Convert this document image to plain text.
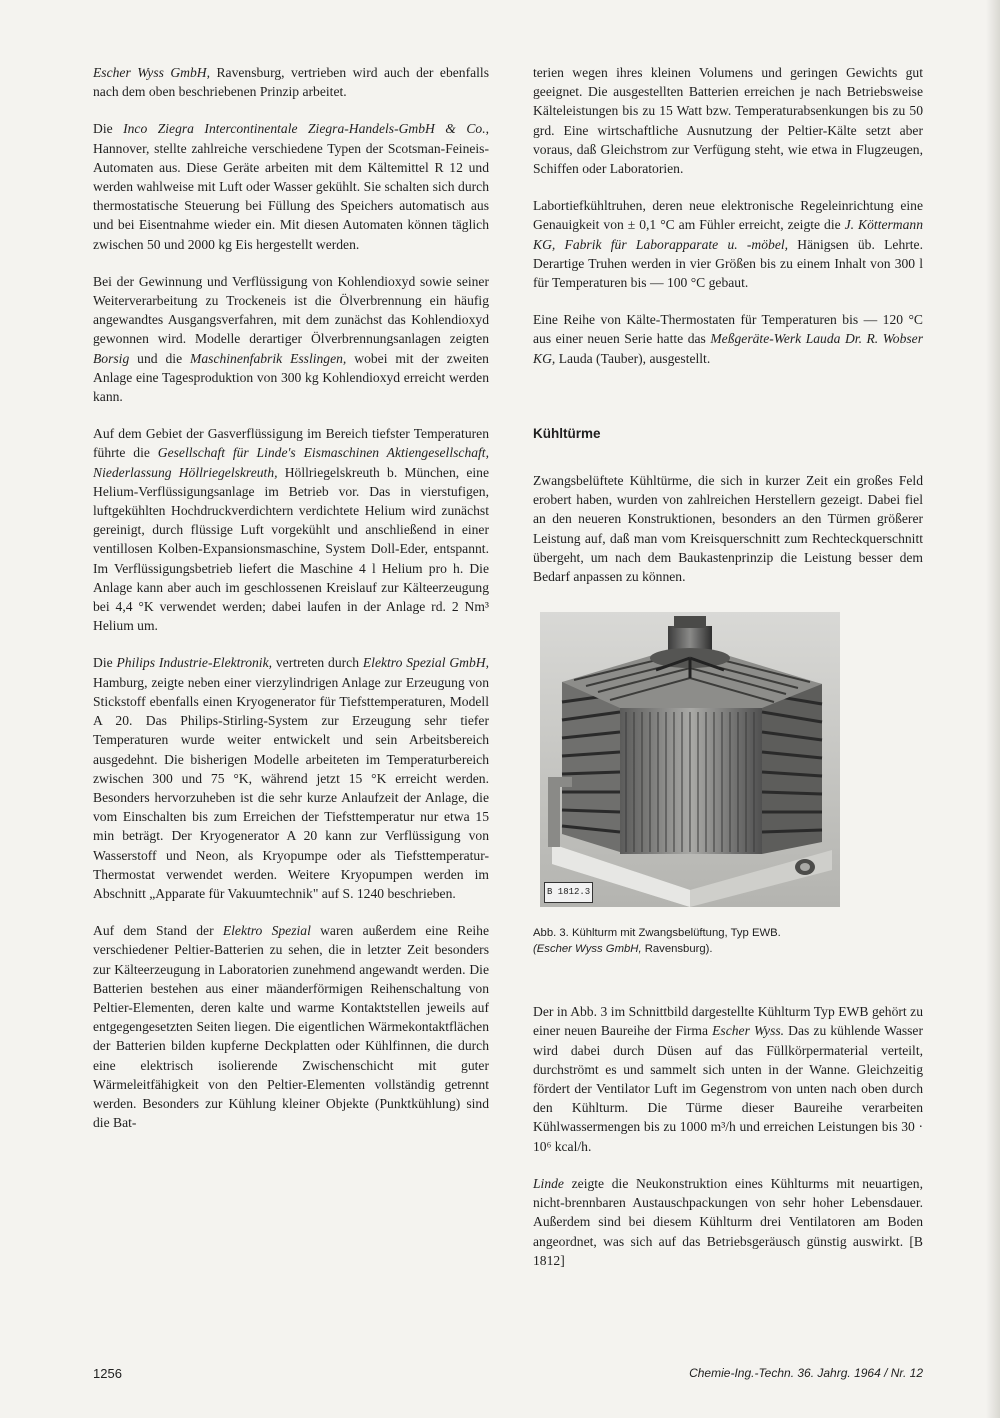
Escher Wyss GmbH, Ravensburg, vertrieben wird auch der ebenfalls nach dem oben beschriebenen Prinzip arbeitet.

Die Inco Ziegra Intercontinentale Ziegra-Handels-GmbH & Co., Hannover, stellte zahlreiche verschiedene Typen der Scotsman-Feineis-Automaten aus. Diese Geräte arbeiten mit dem Kältemittel R 12 und werden wahlweise mit Luft oder Wasser gekühlt. Sie schalten sich durch thermostatische Steuerung bei Füllung des Speichers automatisch aus und bei Eisentnahme wieder ein. Mit diesen Automaten können täglich zwischen 50 und 2000 kg Eis hergestellt werden.

Bei der Gewinnung und Verflüssigung von Kohlendioxyd sowie seiner Weiterverarbeitung zu Trockeneis ist die Ölverbrennung ein häufig angewandtes Ausgangsverfahren, mit dem zunächst das Kohlendioxyd gewonnen wird. Modelle derartiger Ölverbrennungsanlagen zeigten Borsig und die Maschinenfabrik Esslingen, wobei mit der zweiten Anlage eine Tagesproduktion von 300 kg Kohlendioxyd erreicht werden kann.

Auf dem Gebiet der Gasverflüssigung im Bereich tiefster Temperaturen führte die Gesellschaft für Linde's Eismaschinen Aktiengesellschaft, Niederlassung Höllriegelskreuth, Höllriegelskreuth b. München, eine Helium-Verflüssigungsanlage im Betrieb vor. Das in vierstufigen, luftgekühlten Hochdruckverdichtern verdichtete Helium wird zunächst gereinigt, durch flüssige Luft vorgekühlt und anschließend in einer ventillosen Kolben-Expansionsmaschine, System Doll-Eder, entspannt. Im Verflüssigungsbetrieb liefert die Maschine 4 l Helium pro h. Die Anlage kann aber auch im geschlossenen Kreislauf zur Kälteerzeugung bei 4,4 °K verwendet werden; dabei laufen in der Anlage rd. 2 Nm³ Helium um.

Die Philips Industrie-Elektronik, vertreten durch Elektro Spezial GmbH, Hamburg, zeigte neben einer vierzylindrigen Anlage zur Erzeugung von Stickstoff ebenfalls einen Kryogenerator für Tiefsttemperaturen, Modell A 20. Das Philips-Stirling-System zur Erzeugung sehr tiefer Temperaturen wurde weiter entwickelt und sein Arbeitsbereich ausgedehnt. Die bisherigen Modelle arbeiteten im Temperaturbereich zwischen 300 und 75 °K, während jetzt 15 °K erreicht werden. Besonders hervorzuheben ist die sehr kurze Anlaufzeit der Anlage, die vom Einschalten bis zum Erreichen der Tiefsttemperatur nur etwa 15 min beträgt. Der Kryogenerator A 20 kann zur Verflüssigung von Wasserstoff und Neon, als Kryopumpe oder als Tiefsttemperatur-Thermostat verwendet werden. Weitere Kryopumpen werden im Abschnitt „Apparate für Vakuumtechnik" auf S. 1240 beschrieben.

Auf dem Stand der Elektro Spezial waren außerdem eine Reihe verschiedener Peltier-Batterien zu sehen, die in letzter Zeit besonders zur Kälteerzeugung in Laboratorien zunehmend angewandt werden. Die Batterien bestehen aus einer mäanderförmigen Reihenschaltung von Peltier-Elementen, deren kalte und warme Kontaktstellen jeweils auf entgegengesetzten Seiten liegen. Die eigentlichen Wärmekontaktflächen der Batterien bilden kupferne Deckplatten oder Kühlfinnen, die durch eine elektrisch isolierende Zwischenschicht mit guter Wärmeleitfähigkeit von den Peltier-Elementen vollständig getrennt werden. Besonders zur Kühlung kleiner Objekte (Punktkühlung) sind die Bat-

terien wegen ihres kleinen Volumens und geringen Gewichts gut geeignet. Die ausgestellten Batterien erreichen je nach Betriebsweise Kälteleistungen bis zu 15 Watt bzw. Temperaturabsenkungen bis zu 50 grd. Eine wirtschaftliche Ausnutzung der Peltier-Kälte setzt aber voraus, daß Gleichstrom zur Verfügung steht, wie etwa in Flugzeugen, Schiffen oder Laboratorien.

Labortiefkühltruhen, deren neue elektronische Regeleinrichtung eine Genauigkeit von ± 0,1 °C am Fühler erreicht, zeigte die J. Köttermann KG, Fabrik für Laborapparate u. -möbel, Hänigsen üb. Lehrte. Derartige Truhen werden in vier Größen bis zu einem Inhalt von 300 l für Temperaturen bis — 100 °C gebaut.

Eine Reihe von Kälte-Thermostaten für Temperaturen bis — 120 °C aus einer neuen Serie hatte das Meßgeräte-Werk Lauda Dr. R. Wobser KG, Lauda (Tauber), ausgestellt.

Kühltürme

Zwangsbelüftete Kühltürme, die sich in kurzer Zeit ein großes Feld erobert haben, wurden von zahlreichen Herstellern gezeigt. Dabei fiel an den neueren Konstruktionen, besonders an den Türmen größerer Leistung auf, daß man vom Kreisquerschnitt zum Rechteckquerschnitt übergeht, um nach dem Baukastenprinzip die Leistung besser dem Bedarf anpassen zu können.

B 1812.3
Abb. 3. Kühlturm mit Zwangsbelüftung, Typ EWB.
(Escher Wyss GmbH, Ravensburg).

Der in Abb. 3 im Schnittbild dargestellte Kühlturm Typ EWB gehört zu einer neuen Baureihe der Firma Escher Wyss. Das zu kühlende Wasser wird dabei durch Düsen auf das Füllkörpermaterial verteilt, durchströmt es und sammelt sich unten in der Wanne. Gleichzeitig fördert der Ventilator Luft im Gegenstrom von unten nach oben durch den Kühlturm. Die Türme dieser Baureihe verarbeiten Kühlwassermengen bis zu 1000 m³/h und erreichen Leistungen bis 30 · 10⁶ kcal/h.

Linde zeigte die Neukonstruktion eines Kühlturms mit neuartigen, nicht-brennbaren Austauschpackungen von sehr hoher Lebensdauer. Außerdem sind bei diesem Kühlturm drei Ventilatoren am Boden angeordnet, was sich auf das Betriebsgeräusch günstig auswirkt. [B 1812]

1256	Chemie-Ing.-Techn. 36. Jahrg. 1964 / Nr. 12
